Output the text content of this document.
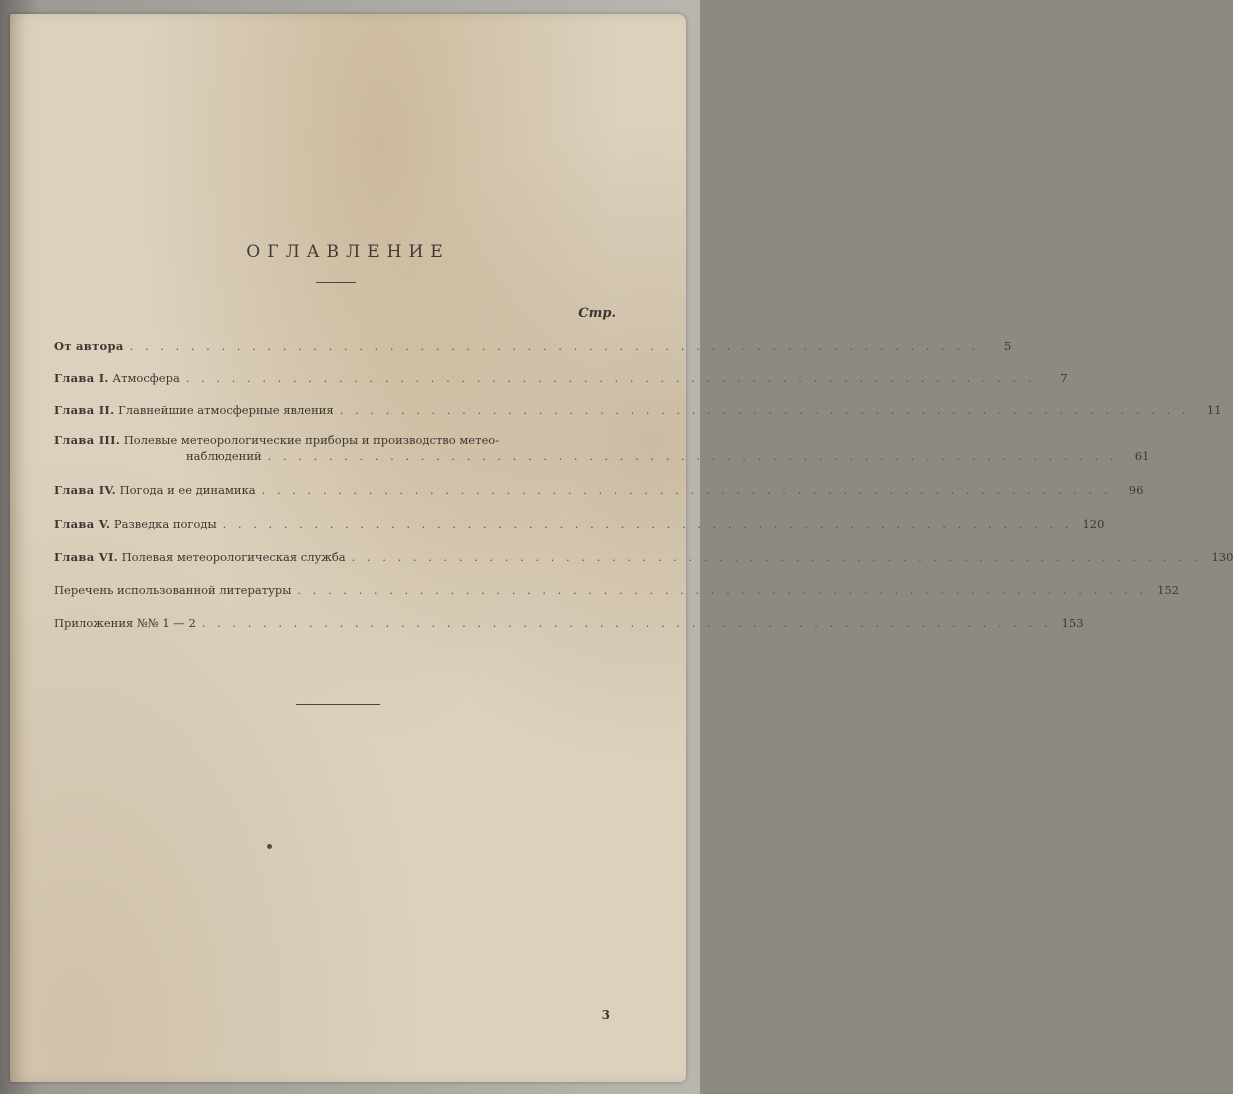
ОГЛАВЛЕНИЕ
Стр.
От автора . . . . . . . . . . . . . . . . . . . . . . . . . . . . . . . . . . . . . . . . . . . . . . . . . . . . . . . .	5
Глава I. Атмосфера . . . . . . . . . . . . . . . . . . . . . . . . . . . . . . . . . . . . . . . . . . . . . . . . . . . . . . . .	7
Глава II. Главнейшие атмосферные явления . . . . . . . . . . . . . . . . . . . . . . . . . . . . . . . . . . . . . . . . . . . . . . . . . . . . . . . .	11
Глава III. Полевые метеорологические приборы и производство метео-
наблюдений . . . . . . . . . . . . . . . . . . . . . . . . . . . . . . . . . . . . . . . . . . . . . . . . . . . . . . . .	61
Глава IV. Погода и ее динамика . . . . . . . . . . . . . . . . . . . . . . . . . . . . . . . . . . . . . . . . . . . . . . . . . . . . . . . .	96
Глава V. Разведка погоды . . . . . . . . . . . . . . . . . . . . . . . . . . . . . . . . . . . . . . . . . . . . . . . . . . . . . . . . 120
Глава VI. Полевая метеорологическая служба . . . . . . . . . . . . . . . . . . . . . . . . . . . . . . . . . . . . . . . . . . . . . . . . . . . . . . . . 130
Перечень использованной литературы . . . . . . . . . . . . . . . . . . . . . . . . . . . . . . . . . . . . . . . . . . . . . . . . . . . . . . . . 152
Приложения №№ 1 — 2 . . . . . . . . . . . . . . . . . . . . . . . . . . . . . . . . . . . . . . . . . . . . . . . . . . . . . . . . 153
3
